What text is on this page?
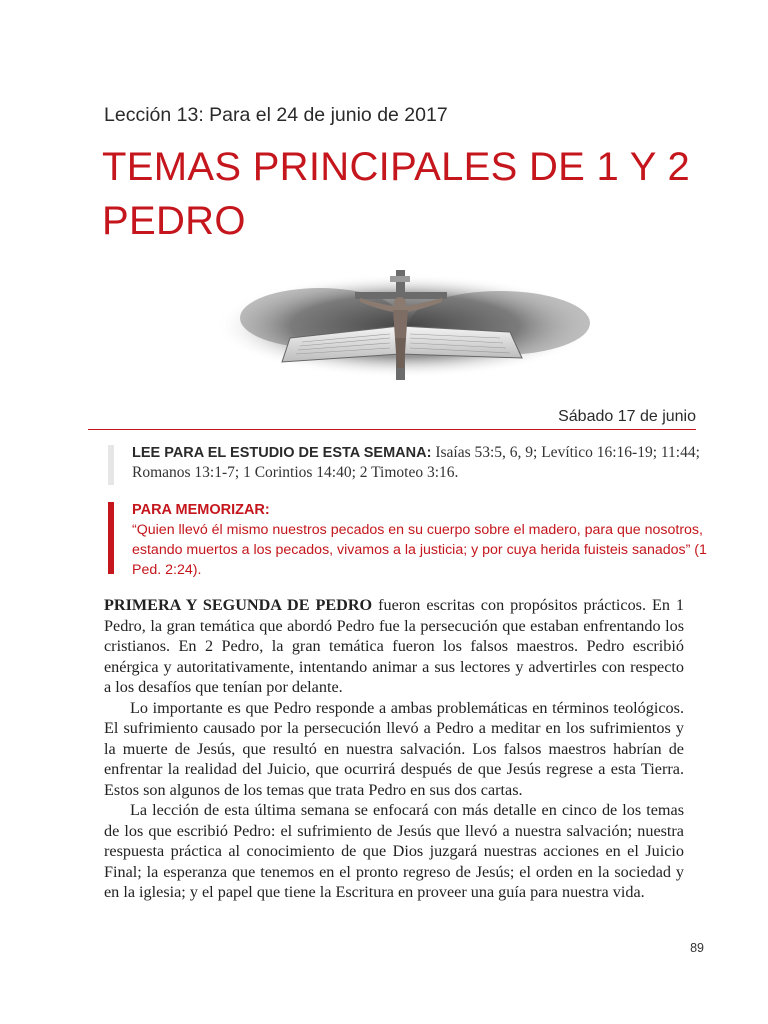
Lección 13: Para el 24 de junio de 2017
TEMAS PRINCIPALES DE 1 Y 2 PEDRO
Sábado 17 de junio

LEE PARA EL ESTUDIO DE ESTA SEMANA: Isaías 53:5, 6, 9; Levítico 16:16-19; 11:44; Romanos 13:1-7; 1 Corintios 14:40; 2 Timoteo 3:16.

PARA MEMORIZAR:

“Quien llevó él mismo nuestros pecados en su cuerpo sobre el madero, para que nosotros, estando muertos a los pecados, vivamos a la justicia; y por cuya herida fuisteis sanados” (1 Ped. 2:24).

PRIMERA Y SEGUNDA DE PEDRO fueron escritas con propósitos prácticos. En 1 Pedro, la gran temática que abordó Pedro fue la persecución que estaban enfrentando los cristianos. En 2 Pedro, la gran temática fueron los falsos maestros. Pedro escribió enérgica y autoritativamente, intentando animar a sus lectores y advertirles con respecto a los desafíos que tenían por delante.

Lo importante es que Pedro responde a ambas problemáticas en términos teológicos. El sufrimiento causado por la persecución llevó a Pedro a meditar en los sufrimientos y la muerte de Jesús, que resultó en nuestra salvación. Los falsos maestros habrían de enfrentar la realidad del Juicio, que ocurrirá después de que Jesús regrese a esta Tierra. Estos son algunos de los temas que trata Pedro en sus dos cartas.

La lección de esta última semana se enfocará con más detalle en cinco de los temas de los que escribió Pedro: el sufrimiento de Jesús que llevó a nuestra salvación; nuestra respuesta práctica al conocimiento de que Dios juzgará nuestras acciones en el Juicio Final; la esperanza que tenemos en el pronto regreso de Jesús; el orden en la sociedad y en la iglesia; y el papel que tiene la Escritura en proveer una guía para nuestra vida.

89
